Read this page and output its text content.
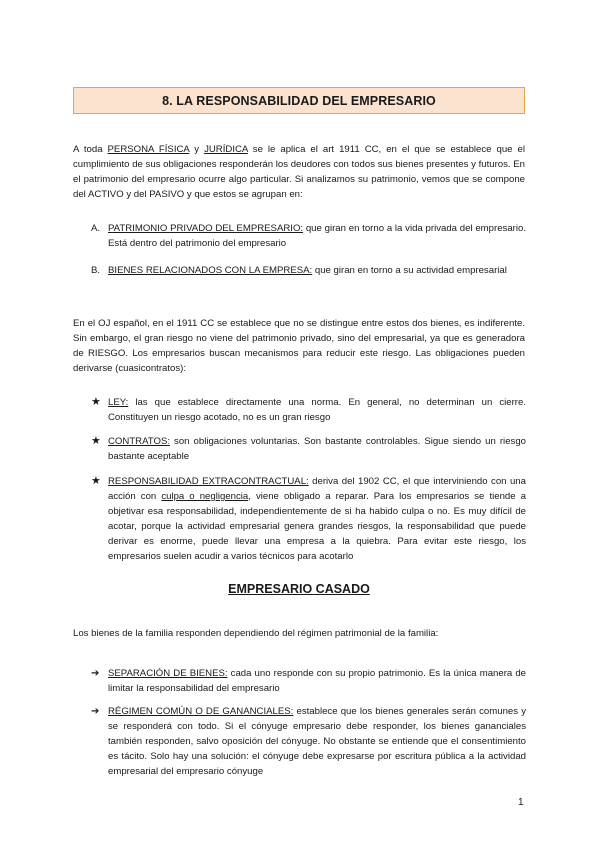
8. LA RESPONSABILIDAD DEL EMPRESARIO

A toda PERSONA FÍSICA y JURÍDICA se le aplica el art 1911 CC, en el que se establece que el cumplimiento de sus obligaciones responderán los deudores con todos sus bienes presentes y futuros. En el patrimonio del empresario ocurre algo particular. Si analizamos su patrimonio, vemos que se compone del ACTIVO y del PASIVO y que estos se agrupan en:

A. PATRIMONIO PRIVADO DEL EMPRESARIO: que giran en torno a la vida privada del empresario. Está dentro del patrimonio del empresario
B. BIENES RELACIONADOS CON LA EMPRESA: que giran en torno a su actividad empresarial

En el OJ español, en el 1911 CC se establece que no se distingue entre estos dos bienes, es indiferente. Sin embargo, el gran riesgo no viene del patrimonio privado, sino del empresarial, ya que es generadora de RIESGO. Los empresarios buscan mecanismos para reducir este riesgo. Las obligaciones pueden derivarse (cuasicontratos):

★ LEY: las que establece directamente una norma. En general, no determinan un cierre. Constituyen un riesgo acotado, no es un gran riesgo
★ CONTRATOS: son obligaciones voluntarias. Son bastante controlables. Sigue siendo un riesgo bastante aceptable
★ RESPONSABILIDAD EXTRACONTRACTUAL: deriva del 1902 CC, el que interviniendo con una acción con culpa o negligencia, viene obligado a reparar. Para los empresarios se tiende a objetivar esa responsabilidad, independientemente de si ha habido culpa o no. Es muy difícil de acotar, porque la actividad empresarial genera grandes riesgos, la responsabilidad que puede derivar es enorme, puede llevar una empresa a la quiebra. Para evitar este riesgo, los empresarios suelen acudir a varios técnicos para acotarlo
EMPRESARIO CASADO

Los bienes de la familia responden dependiendo del régimen patrimonial de la familia:

➔ SEPARACIÓN DE BIENES: cada uno responde con su propio patrimonio. Es la única manera de limitar la responsabilidad del empresario
➔ RÉGIMEN COMÚN O DE GANANCIALES: establece que los bienes generales serán comunes y se responderá con todo. Si el cónyuge empresario debe responder, los bienes gananciales también responden, salvo oposición del cónyuge. No obstante se entiende que el consentimiento es tácito. Solo hay una solución: el cónyuge debe expresarse por escritura pública a la actividad empresarial del empresario cónyuge
1
